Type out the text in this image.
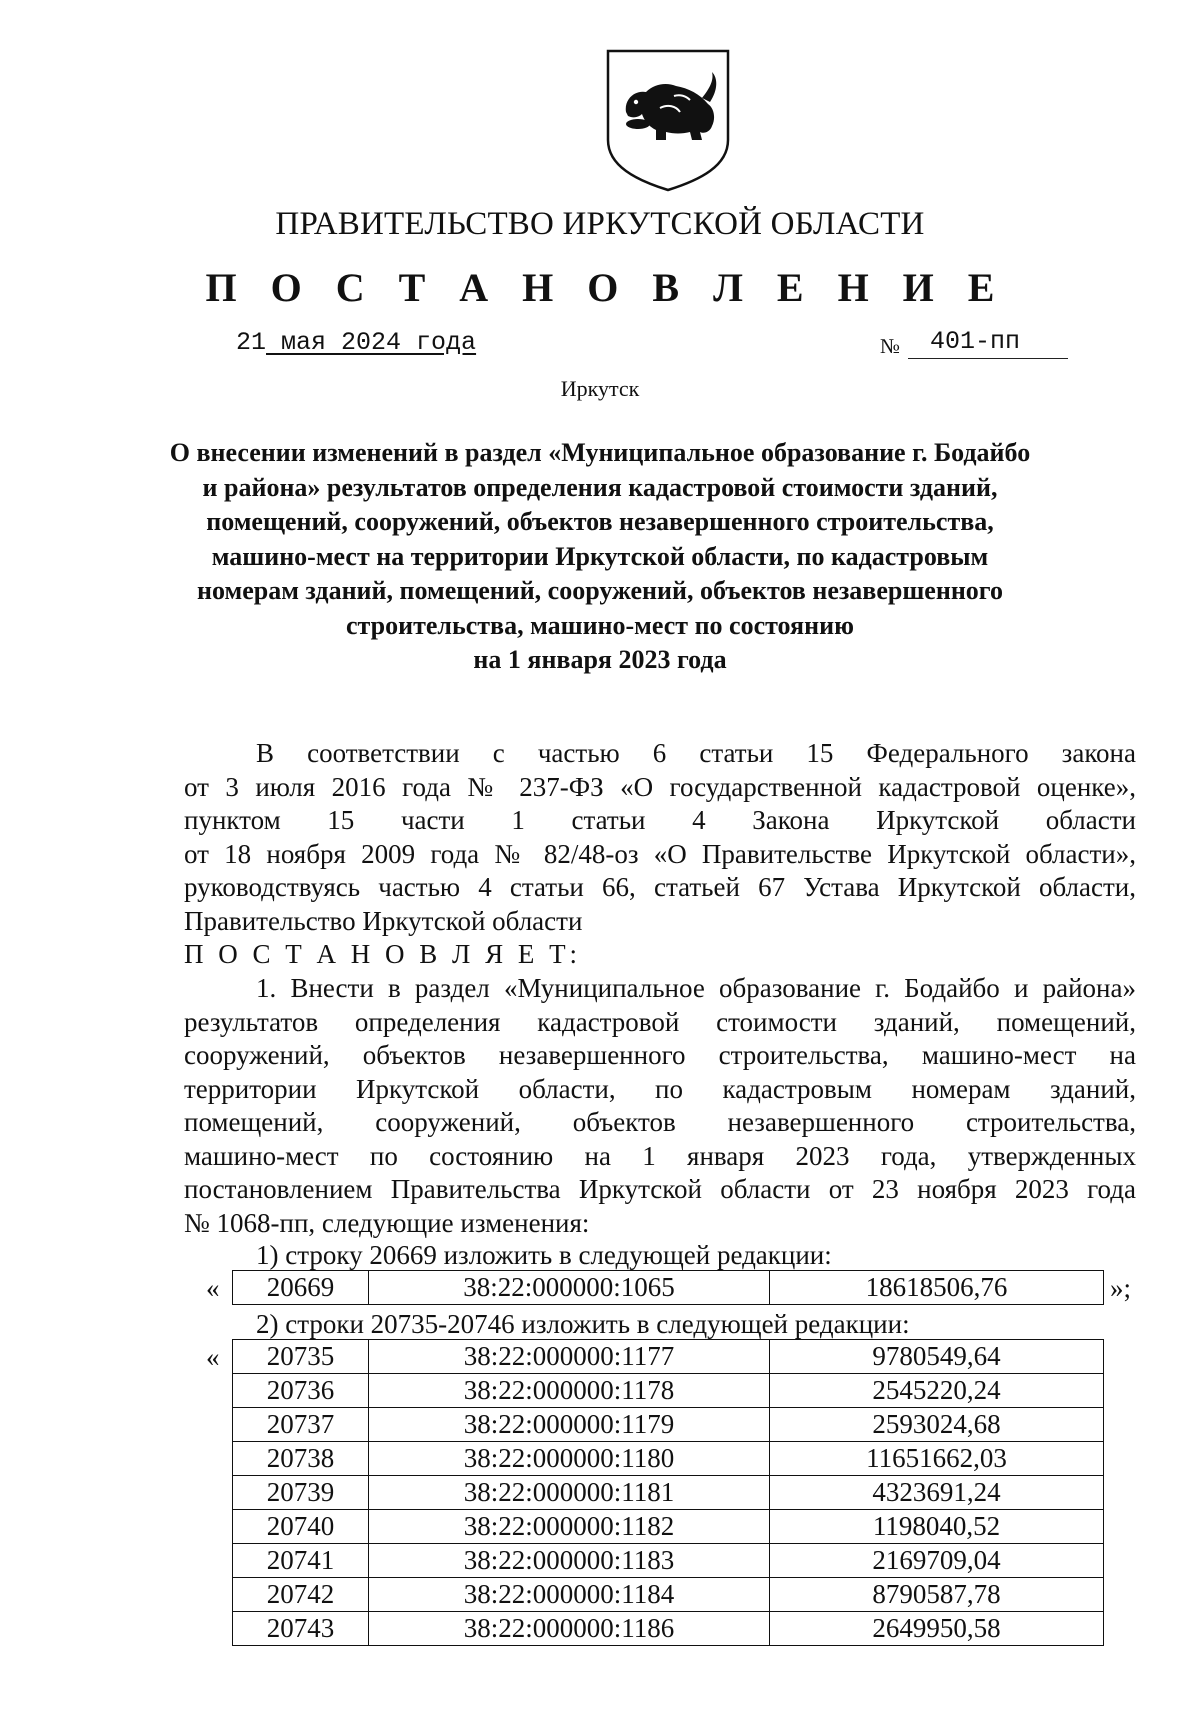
ПРАВИТЕЛЬСТВО ИРКУТСКОЙ ОБЛАСТИ
П О С Т А Н О В Л Е Н И Е
21 мая 2024 года	№	401-пп
Иркутск
О внесении изменений в раздел «Муниципальное образование г. Бодайбо
и района» результатов определения кадастровой стоимости зданий,
помещений, сооружений, объектов незавершенного строительства,
машино-мест на территории Иркутской области, по кадастровым
номерам зданий, помещений, сооружений, объектов незавершенного
строительства, машино-мест по состоянию
на 1 января 2023 года
В соответствии с частью 6 статьи 15 Федерального закона
от 3 июля 2016 года № 237-ФЗ «О государственной кадастровой оценке»,
пунктом 15 части 1 статьи 4 Закона Иркутской области
от 18 ноября 2009 года № 82/48-оз «О Правительстве Иркутской области»,
руководствуясь частью 4 статьи 66, статьей 67 Устава Иркутской области,
Правительство Иркутской области
П О С Т А Н О В Л Я Е Т:
1. Внести в раздел «Муниципальное образование г. Бодайбо и района»
результатов определения кадастровой стоимости зданий, помещений,
сооружений, объектов незавершенного строительства, машино-мест на
территории Иркутской области, по кадастровым номерам зданий,
помещений, сооружений, объектов незавершенного строительства,
машино-мест по состоянию на 1 января 2023 года, утвержденных
постановлением Правительства Иркутской области от 23 ноября 2023 года
№ 1068-пп, следующие изменения:
1) строку 20669 изложить в следующей редакции:
« 20669	38:22:000000:1065	18618506,76	»;
2) строки 20735-20746 изложить в следующей редакции:
« 20735	38:22:000000:1177	9780549,64
20736	38:22:000000:1178	2545220,24
20737	38:22:000000:1179	2593024,68
20738	38:22:000000:1180	11651662,03
20739	38:22:000000:1181	4323691,24
20740	38:22:000000:1182	1198040,52
20741	38:22:000000:1183	2169709,04
20742	38:22:000000:1184	8790587,78
20743	38:22:000000:1186	2649950,58
